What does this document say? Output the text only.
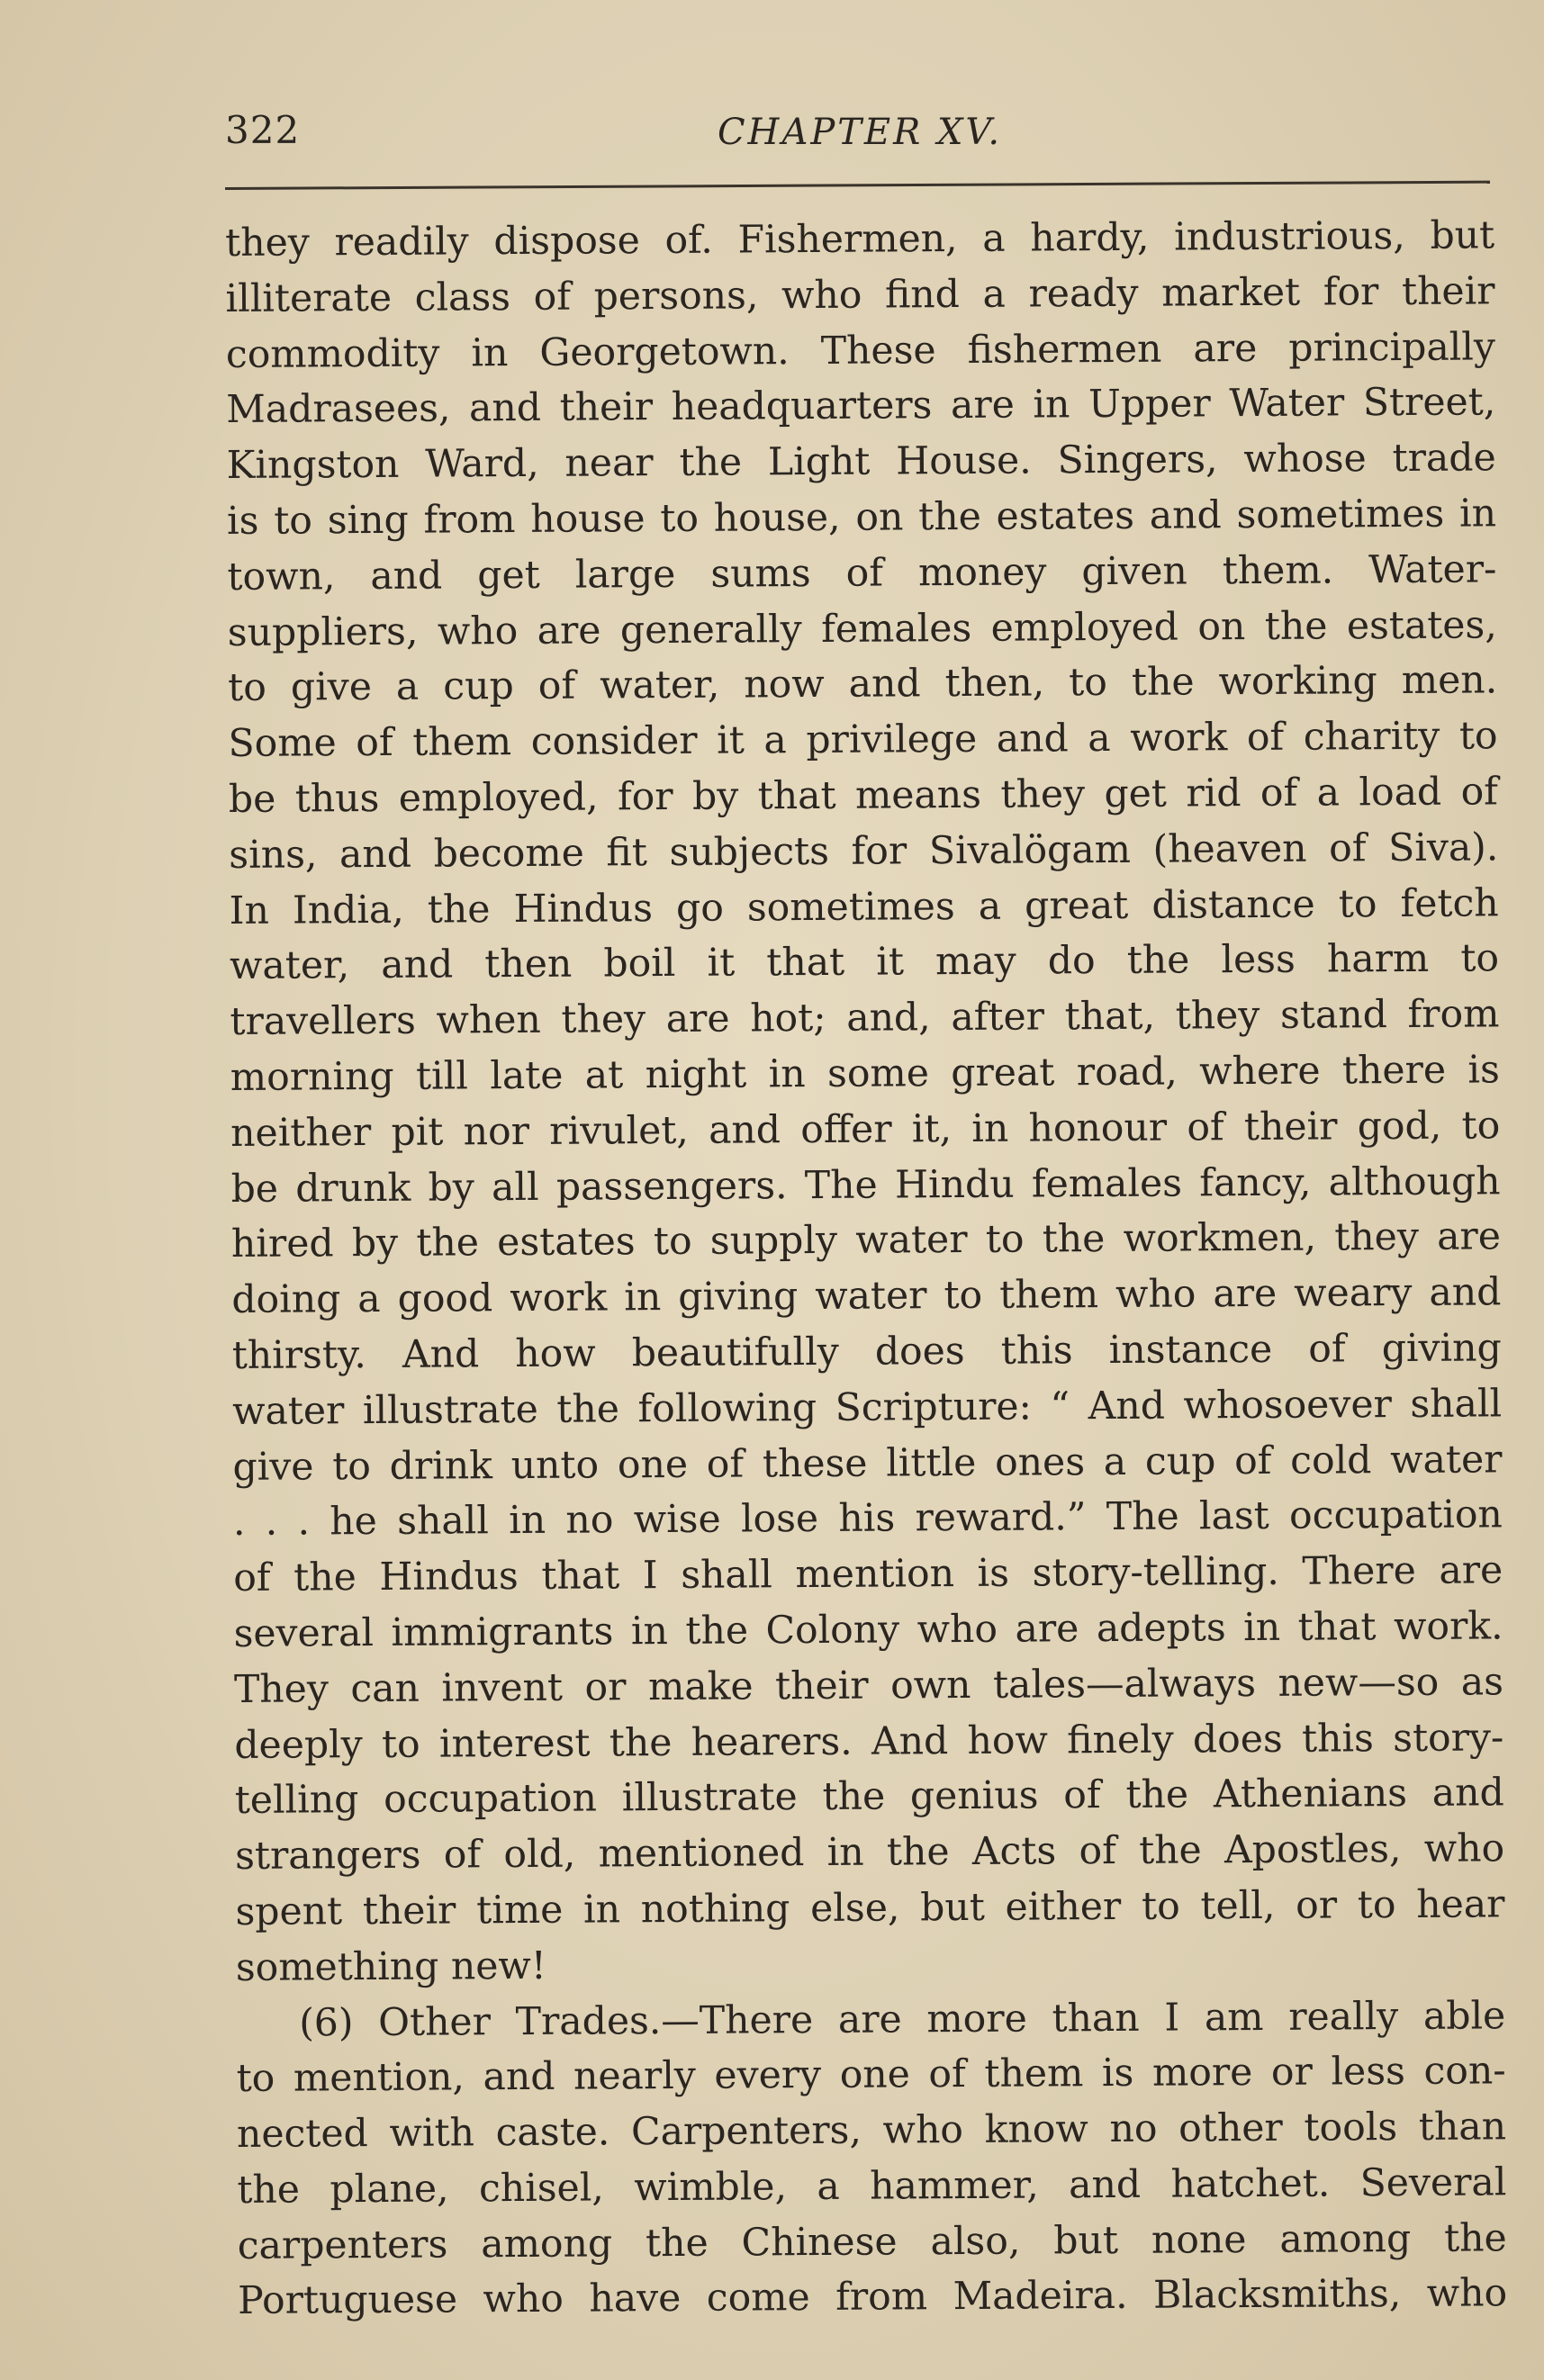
322	CHAPTER XV.
they readily dispose of. Fishermen, a hardy, industrious, but
illiterate class of persons, who find a ready market for their
commodity in Georgetown. These fishermen are principally
Madrasees, and their headquarters are in Upper Water Street,
Kingston Ward, near the Light House. Singers, whose trade
is to sing from house to house, on the estates and sometimes in
town, and get large sums of money given them. Water-
suppliers, who are generally females employed on the estates,
to give a cup of water, now and then, to the working men.
Some of them consider it a privilege and a work of charity to
be thus employed, for by that means they get rid of a load of
sins, and become fit subjects for Sivalögam (heaven of Siva).
In India, the Hindus go sometimes a great distance to fetch
water, and then boil it that it may do the less harm to
travellers when they are hot; and, after that, they stand from
morning till late at night in some great road, where there is
neither pit nor rivulet, and offer it, in honour of their god, to
be drunk by all passengers. The Hindu females fancy, although
hired by the estates to supply water to the workmen, they are
doing a good work in giving water to them who are weary and
thirsty. And how beautifully does this instance of giving
water illustrate the following Scripture: “ And whosoever shall
give to drink unto one of these little ones a cup of cold water
. . . he shall in no wise lose his reward.” The last occupation
of the Hindus that I shall mention is story-telling. There are
several immigrants in the Colony who are adepts in that work.
They can invent or make their own tales—always new—so as
deeply to interest the hearers. And how finely does this story-
telling occupation illustrate the genius of the Athenians and
strangers of old, mentioned in the Acts of the Apostles, who
spent their time in nothing else, but either to tell, or to hear
something new!
(6) Other Trades.—There are more than I am really able
to mention, and nearly every one of them is more or less con-
nected with caste. Carpenters, who know no other tools than
the plane, chisel, wimble, a hammer, and hatchet. Several
carpenters among the Chinese also, but none among the
Portuguese who have come from Madeira. Blacksmiths, who
